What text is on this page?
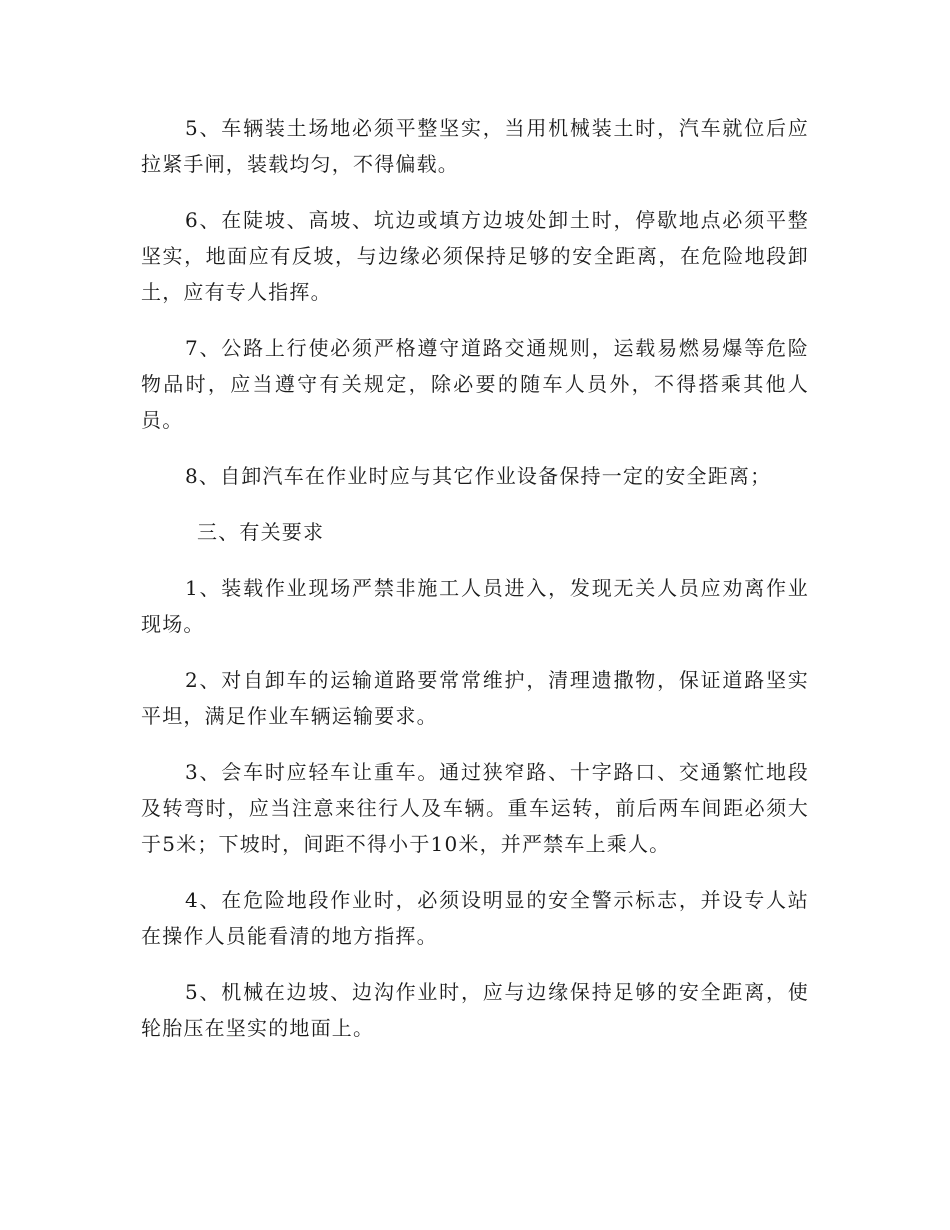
5、车辆装土场地必须平整坚实，当用机械装土时，汽车就位后应拉紧手闸，装载均匀，不得偏载。

6、在陡坡、高坡、坑边或填方边坡处卸土时，停歇地点必须平整坚实，地面应有反坡，与边缘必须保持足够的安全距离，在危险地段卸土，应有专人指挥。

7、公路上行使必须严格遵守道路交通规则，运载易燃易爆等危险物品时，应当遵守有关规定，除必要的随车人员外，不得搭乘其他人员。

8、自卸汽车在作业时应与其它作业设备保持一定的安全距离；

三、有关要求

1、装载作业现场严禁非施工人员进入，发现无关人员应劝离作业现场。

2、对自卸车的运输道路要常常维护，清理遗撒物，保证道路坚实平坦，满足作业车辆运输要求。

3、会车时应轻车让重车。通过狭窄路、十字路口、交通繁忙地段及转弯时，应当注意来往行人及车辆。重车运转，前后两车间距必须大于5米；下坡时，间距不得小于10米，并严禁车上乘人。

4、在危险地段作业时，必须设明显的安全警示标志，并设专人站在操作人员能看清的地方指挥。

5、机械在边坡、边沟作业时，应与边缘保持足够的安全距离，使轮胎压在坚实的地面上。
